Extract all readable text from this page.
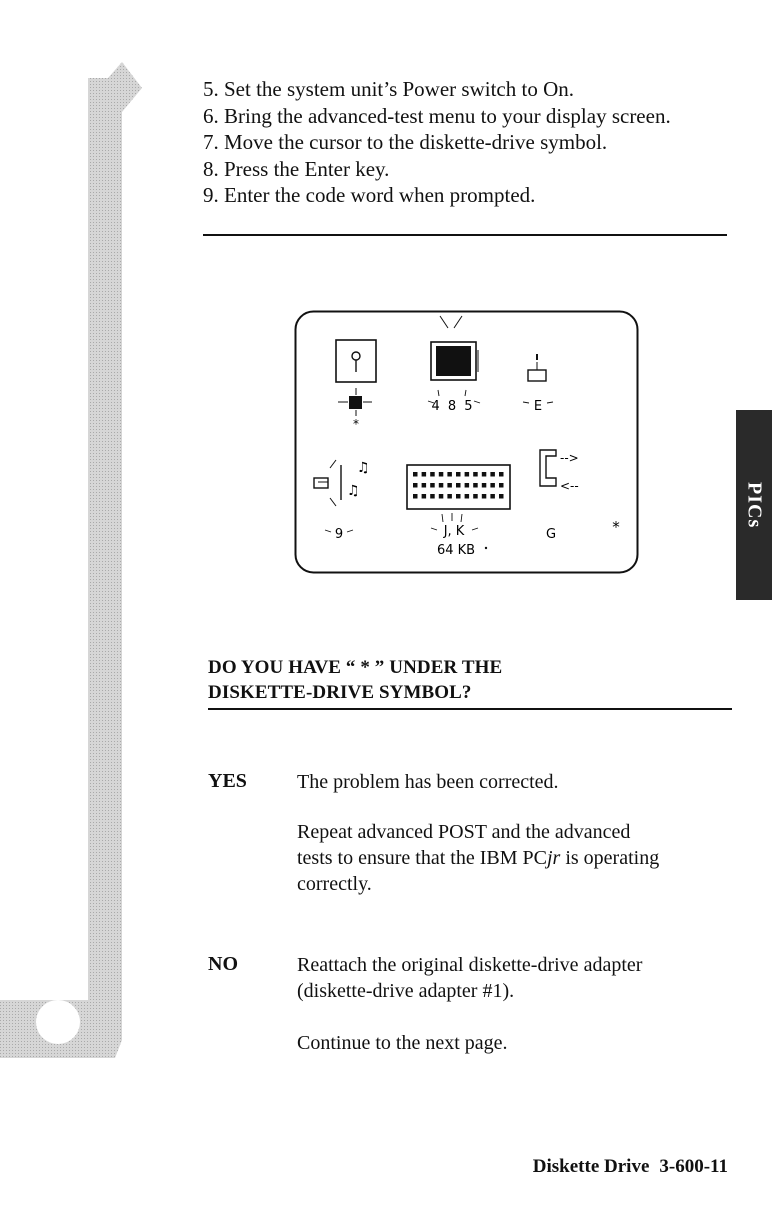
5. Set the system unit’s Power switch to On.
6. Bring the advanced-test menu to your display screen.
7. Move the cursor to the diskette-drive symbol.
8. Press the Enter key.
9. Enter the code word when prompted.
*
4 8 5	E
♫
♫
9	J, K
64 KB
-->
<--
G	*
DO YOU HAVE “ * ” UNDER THE
DISKETTE-DRIVE SYMBOL?
YES	The problem has been corrected.
Repeat advanced POST and the advanced
tests to ensure that the IBM PCjr is operating
correctly.
NO	Reattach the original diskette-drive adapter
(diskette-drive adapter #1).
Continue to the next page.
PICs
Diskette Drive 3-600-11
